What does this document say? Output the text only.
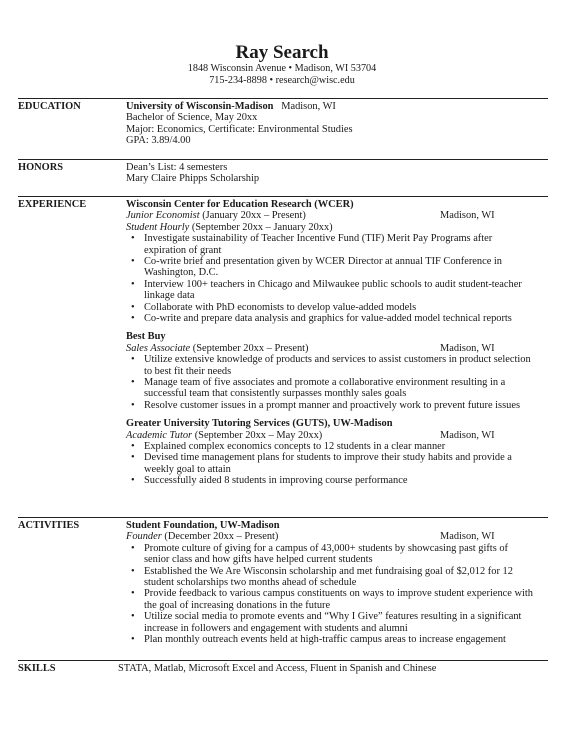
Ray Search
1848 Wisconsin Avenue • Madison, WI 53704
715-234-8898 • research@wisc.edu
EDUCATION	University of Wisconsin-Madison Madison, WI
Bachelor of Science, May 20xx
Major: Economics, Certificate: Environmental Studies
GPA: 3.89/4.00
HONORS	Dean’s List: 4 semesters
Mary Claire Phipps Scholarship
EXPERIENCE	Wisconsin Center for Education Research (WCER)
Junior Economist (January 20xx – Present)	Madison, WI
Student Hourly (September 20xx – January 20xx)
• Investigate sustainability of Teacher Incentive Fund (TIF) Merit Pay Programs after
expiration of grant
• Co-write brief and presentation given by WCER Director at annual TIF Conference in
Washington, D.C.
• Interview 100+ teachers in Chicago and Milwaukee public schools to audit student-teacher
linkage data
• Collaborate with PhD economists to develop value-added models
• Co-write and prepare data analysis and graphics for value-added model technical reports
Best Buy
Sales Associate (September 20xx – Present)	Madison, WI
• Utilize extensive knowledge of products and services to assist customers in product selection
to best fit their needs
• Manage team of five associates and promote a collaborative environment resulting in a
successful team that consistently surpasses monthly sales goals
• Resolve customer issues in a prompt manner and proactively work to prevent future issues
Greater University Tutoring Services (GUTS), UW-Madison
Academic Tutor (September 20xx – May 20xx)	Madison, WI
• Explained complex economics concepts to 12 students in a clear manner
• Devised time management plans for students to improve their study habits and provide a
weekly goal to attain
• Successfully aided 8 students in improving course performance
ACTIVITIES	Student Foundation, UW-Madison
Founder (December 20xx – Present)	Madison, WI
• Promote culture of giving for a campus of 43,000+ students by showcasing past gifts of
senior class and how gifts have helped current students
• Established the We Are Wisconsin scholarship and met fundraising goal of $2,012 for 12
student scholarships two months ahead of schedule
• Provide feedback to various campus constituents on ways to improve student experience with
the goal of increasing donations in the future
• Utilize social media to promote events and “Why I Give” features resulting in a significant
increase in followers and engagement with students and alumni
• Plan monthly outreach events held at high-traffic campus areas to increase engagement
SKILLS	STATA, Matlab, Microsoft Excel and Access, Fluent in Spanish and Chinese
